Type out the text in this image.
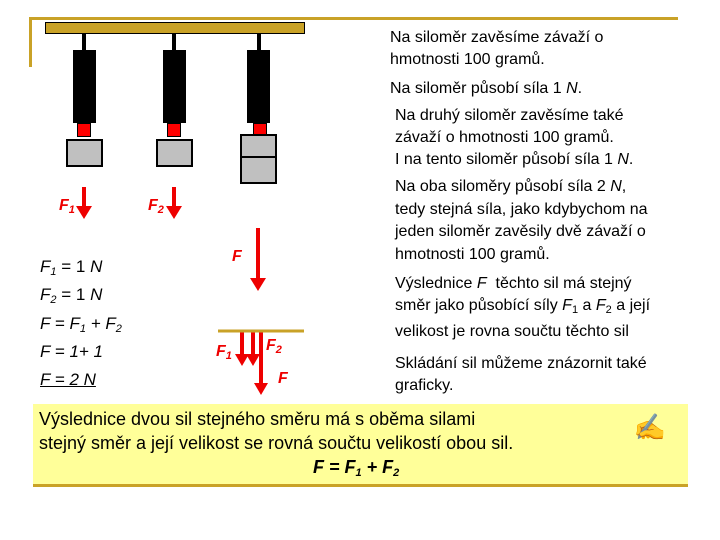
$F_1$	$F_2$
F
$F_1$
$F_2$
F
$F_1 = 1$ N
$F_2 = 1$ N
$F = F_1 + F_2$
F = 1+ 1
F = 2 N
Na siloměr zavěsíme závaží o
hmotnosti 100 gramů.
Na siloměr působí síla 1 N.
Na druhý siloměr zavěsíme také
závaží o hmotnosti 100 gramů.
I na tento siloměr působí síla 1 N.
Na oba siloměry působí síla 2 N,
tedy stejná síla, jako kdybychom na
jeden siloměr zavěsily dvě závaží o
hmotnosti 100 gramů.
Výslednice F  těchto sil má stejný
směr jako působící síly $F_1$ a $F_2$ a její
velikost je rovna součtu těchto sil
Skládání sil můžeme znázornit také
graficky.
Výslednice dvou sil stejného směru má s oběma silami
stejný směr a její velikost se rovná součtu velikostí obou sil.
$F = F_1 + F_2$
✍
